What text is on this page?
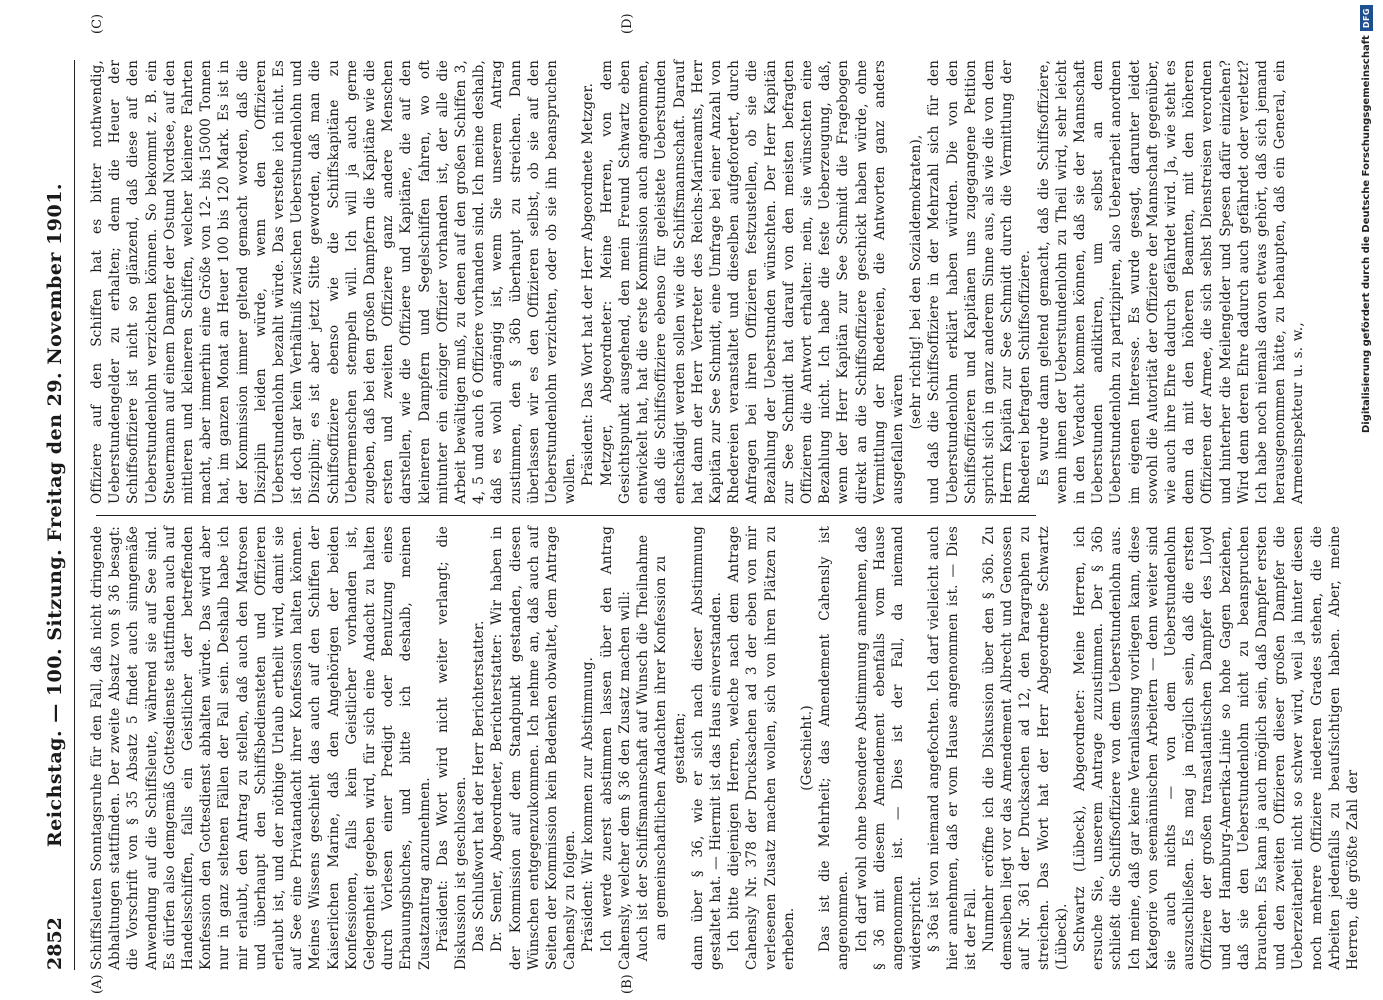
2852
Reichstag. — 100. Sitzung. Freitag den 29. November 1901.
(A)	(B)
(C)	(D)

Schiffsleuten Sonntagsruhe für den Fall, daß nicht dringende Abhaltungen stattfinden. Der zweite Absatz von § 36 besagt: die Vorschrift von § 35 Absatz 5 findet auch sinngemäße Anwendung auf die Schiffsleute, während sie auf See sind. Es dürfen also demgemäß Gottesdienste stattfinden auch auf Handelsschiffen, falls ein Geistlicher der betreffenden Konfession den Gottesdienst abhalten würde. Das wird aber nur in ganz seltenen Fällen der Fall sein. Deshalb habe ich mir erlaubt, den Antrag zu stellen, daß auch den Matrosen und überhaupt den Schiffsbediensteten und Offizieren erlaubt ist, und der nöthige Urlaub ertheilt wird, damit sie auf See eine Privatandacht ihrer Konfession halten können. Meines Wissens geschieht das auch auf den Schiffen der Kaiserlichen Marine, daß den Angehörigen der beiden Konfessionen, falls kein Geistlicher vorhanden ist, Gelegenheit gegeben wird, für sich eine Andacht zu halten durch Vorlesen einer Predigt oder Benutzung eines Erbauungsbuches, und bitte ich deshalb, meinen Zusatzantrag anzunehmen. Präsident: Das Wort wird nicht weiter verlangt; die Diskussion ist geschlossen. Das Schlußwort hat der Herr Berichterstatter. Dr. Semler, Abgeordneter, Berichterstatter: Wir haben in der Kommission auf dem Standpunkt gestanden, diesen Wünschen entgegenzukommen. Ich nehme an, daß auch auf Seiten der Kommission kein Bedenken obwaltet, dem Antrage Cahensly zu folgen. Präsident: Wir kommen zur Abstimmung. Ich werde zuerst abstimmen lassen über den Antrag Cahensly, welcher dem § 36 den Zusatz machen will: Auch ist der Schiffsmannschaft auf Wunsch die Theilnahme an gemeinschaftlichen Andachten ihrer Konfession zu gestatten; dann über § 36, wie er sich nach dieser Abstimmung gestaltet hat. — Hiermit ist das Haus einverstanden. Ich bitte diejenigen Herren, welche nach dem Antrage Cahensly Nr. 378 der Drucksachen ad 3 der eben von mir verlesenen Zusatz machen wollen, sich von ihren Plätzen zu erheben.

(Geschieht.) Das ist die Mehrheit; das Amendement Cahensly ist angenommen. Ich darf wohl ohne besondere Abstimmung annehmen, daß § 36 mit diesem Amendement ebenfalls vom Hause angenommen ist. — Dies ist der Fall, da niemand widerspricht. § 36a ist von niemand angefochten. Ich darf vielleicht auch hier annehmen, daß er vom Hause angenommen ist. — Dies ist der Fall. Nunmehr eröffne ich die Diskussion über den § 36b. Zu demselben liegt vor das Amendement Albrecht und Genossen auf Nr. 361 der Drucksachen ad 12, den Paragraphen zu streichen. Das Wort hat der Herr Abgeordnete Schwartz (Lübeck). Schwartz (Lübeck), Abgeordneter: Meine Herren, ich ersuche Sie, unserem Antrage zuzustimmen. Der § 36b schließt die Schiffsoffiziere von dem Ueberstundenlohn aus. Ich meine, daß gar keine Veranlassung vorliegen kann, diese Kategorie von seemännischen Arbeitern — denn weiter sind sie auch nichts — von dem Ueberstundenlohn auszuschließen. Es mag ja möglich sein, daß die ersten Offiziere der großen transatlantischen Dampfer des Lloyd und der Hamburg-Amerika-Linie so hohe Gagen beziehen, daß sie den Ueberstundenlohn nicht zu beanspruchen brauchen. Es kann ja auch möglich sein, daß Dampfer ersten und den zweiten Offizieren dieser großen Dampfer die Ueberzeitarbeit nicht so schwer wird, weil ja hinter diesen noch mehrere Offiziere niederen Grades stehen, die die Arbeiten jedenfalls zu beaufsichtigen haben. Aber, meine Herren, die größte Zahl der

Offiziere auf den Schiffen hat es bitter nothwendig, Ueberstundengelder zu erhalten; denn die Heuer der Schiffsoffiziere ist nicht so glänzend, daß diese auf den Ueberstundenlohn verzichten können. So bekommt z. B. ein Steuermann auf einem Dampfer der Ostund Nordsee, auf den mittleren und kleineren Schiffen, welcher kleinere Fahrten macht, aber immerhin eine Größe von 12- bis 15000 Tonnen hat, im ganzen Monat an Heuer 100 bis 120 Mark. Es ist in der Kommission immer geltend gemacht worden, daß die Disziplin leiden würde, wenn den Offizieren Ueberstundenlohn bezahlt würde. Das verstehe ich nicht. Es ist doch gar kein Verhältniß zwischen Ueberstundenlohn und Disziplin; es ist aber jetzt Sitte geworden, daß man die Schiffsoffiziere ebenso wie die Schiffskapitäne zu Uebermenschen stempeln will. Ich will ja auch gerne zugeben, daß bei den großen Dampfern die Kapitäne wie die ersten und zweiten Offiziere ganz andere Menschen darstellen, wie die Offiziere und Kapitäne, die auf den kleineren Dampfern und Segelschiffen fahren, wo oft mitunter ein einziger Offizier vorhanden ist, der alle die Arbeit bewältigen muß, zu denen auf den großen Schiffen 3, 4, 5 und auch 6 Offiziere vorhanden sind. Ich meine deshalb, daß es wohl angängig ist, wenn Sie unserem Antrag zustimmen, den § 36b überhaupt zu streichen. Dann überlassen wir es den Offizieren selbst, ob sie auf den Ueberstundenlohn verzichten, oder ob sie ihn beanspruchen wollen. Präsident: Das Wort hat der Herr Abgeordnete Metzger. Metzger, Abgeordneter: Meine Herren, von dem Gesichtspunkt ausgehend, den mein Freund Schwartz eben entwickelt hat, hat die erste Kommission auch angenommen, daß die Schiffsoffiziere ebenso für geleistete Ueberstunden entschädigt werden sollen wie die Schiffsmannschaft. Darauf hat dann der Herr Vertreter des Reichs-Marineamts, Herr Kapitän zur See Schmidt, eine Umfrage bei einer Anzahl von Rhedereien veranstaltet und dieselben aufgefordert, durch Anfragen bei ihren Offizieren festzustellen, ob sie die Bezahlung der Ueberstunden wünschten. Der Herr Kapitän zur See Schmidt hat darauf von den meisten befragten Offizieren die Antwort erhalten: nein, sie wünschten eine Bezahlung nicht. Ich habe die feste Ueberzeugung, daß, wenn der Herr Kapitän zur See Schmidt die Fragebogen direkt an die Schiffsoffiziere geschickt haben würde, ohne Vermittlung der Rhedereien, die Antworten ganz anders ausgefallen wären

(sehr richtig! bei den Sozialdemokraten), und daß die Schiffsoffiziere in der Mehrzahl sich für den Ueberstundenlohn erklärt haben würden. Die von den Schiffsoffizieren und Kapitänen uns zugegangene Petition spricht sich in ganz anderem Sinne aus, als wie die von dem Herrn Kapitän zur See Schmidt durch die Vermittlung der Rhederei befragten Schiffsoffiziere. Es wurde dann geltend gemacht, daß die Schiffsoffiziere, wenn ihnen der Ueberstundenlohn zu Theil wird, sehr leicht in den Verdacht kommen können, daß sie der Mannschaft Ueberstunden andiktiren, um selbst an dem Ueberstundenlohn zu partizipiren, also Ueberarbeit anordnen im eigenen Interesse. Es wurde gesagt, darunter leidet sowohl die Autorität der Offiziere der Mannschaft gegenüber, wie auch ihre Ehre dadurch gefährdet wird. Ja, wie steht es denn da mit den höheren Beamten, mit den höheren Offizieren der Armee, die sich selbst Dienstreisen verordnen und hinterher die Meilengelder und Spesen dafür einziehen? Wird denn deren Ehre dadurch auch gefährdet oder verletzt? Ich habe noch niemals davon etwas gehört, daß sich jemand herausgenommen hätte, zu behaupten, daß ein General, ein Armeeinspekteur u. s. w.,	Digitalisierung gefördert durch die Deutsche Forschungsgemeinschaft
DFG
